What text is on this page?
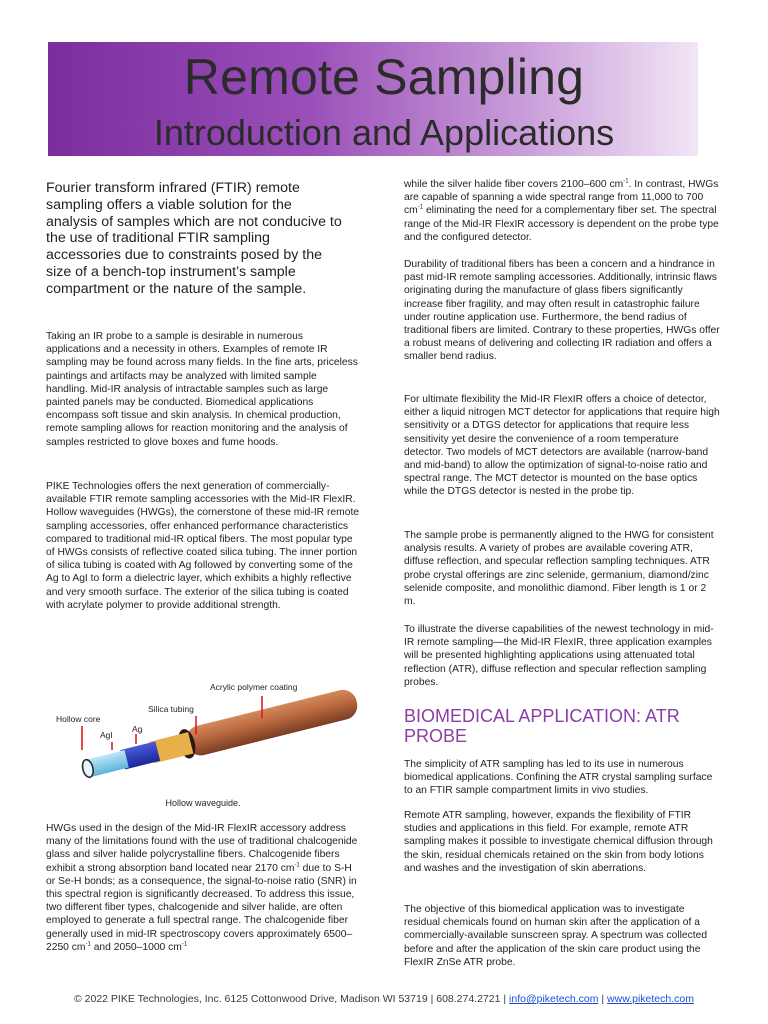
Remote Sampling
Introduction and Applications

Fourier transform infrared (FTIR) remote sampling offers a viable solution for the analysis of samples which are not conducive to the use of traditional FTIR sampling accessories due to constraints posed by the size of a bench-top instrument’s sample compartment or the nature of the sample.

Taking an IR probe to a sample is desirable in numerous applications and a necessity in others. Examples of remote IR sampling may be found across many fields. In the fine arts, priceless paintings and artifacts may be analyzed with limited sample handling. Mid-IR analysis of intractable samples such as large painted panels may be conducted. Biomedical applications encompass soft tissue and skin analysis. In chemical production, remote sampling allows for reaction monitoring and the analysis of samples restricted to glove boxes and fume hoods.

PIKE Technologies offers the next generation of commercially-available FTIR remote sampling accessories with the Mid-IR FlexIR. Hollow waveguides (HWGs), the cornerstone of these mid-IR remote sampling accessories, offer enhanced performance characteristics compared to traditional mid-IR optical fibers. The most popular type of HWGs consists of reflective coated silica tubing. The inner portion of silica tubing is coated with Ag followed by converting some of the Ag to AgI to form a dielectric layer, which exhibits a highly reflective and very smooth surface. The exterior of the silica tubing is coated with acrylate polymer to provide additional strength.

Acrylic polymer coating
Silica tubing
Hollow core
Ag
AgI

Hollow waveguide.

HWGs used in the design of the Mid-IR FlexIR accessory address many of the limitations found with the use of traditional chalcogenide glass and silver halide polycrystalline fibers. Chalcogenide fibers exhibit a strong absorption band located near 2170 $cm^{-1}$ due to S-H or Se-H bonds; as a consequence, the signal-to-noise ratio (SNR) in this spectral region is significantly decreased. To address this issue, two different fiber types, chalcogenide and silver halide, are often employed to generate a full spectral range. The chalcogenide fiber generally used in mid-IR spectroscopy covers approximately 6500–2250 $cm^{-1}$ and 2050–1000 $cm^{-1}$

while the silver halide fiber covers 2100–600 $cm^{-1}$. In contrast, HWGs are capable of spanning a wide spectral range from 11,000 to 700 $cm^{-1}$ eliminating the need for a complementary fiber set. The spectral range of the Mid-IR FlexIR accessory is dependent on the probe type and the configured detector.

Durability of traditional fibers has been a concern and a hindrance in past mid-IR remote sampling accessories. Additionally, intrinsic flaws originating during the manufacture of glass fibers significantly increase fiber fragility, and may often result in catastrophic failure under routine application use. Furthermore, the bend radius of traditional fibers are limited. Contrary to these properties, HWGs offer a robust means of delivering and collecting IR radiation and offers a smaller bend radius.

For ultimate flexibility the Mid-IR FlexIR offers a choice of detector, either a liquid nitrogen MCT detector for applications that require high sensitivity or a DTGS detector for applications that require less sensitivity yet desire the convenience of a room temperature detector. Two models of MCT detectors are available (narrow-band and mid-band) to allow the optimization of signal-to-noise ratio and spectral range. The MCT detector is mounted on the base optics while the DTGS detector is nested in the probe tip.

The sample probe is permanently aligned to the HWG for consistent analysis results. A variety of probes are available covering ATR, diffuse reflection, and specular reflection sampling techniques. ATR probe crystal offerings are zinc selenide, germanium, diamond/zinc selenide composite, and monolithic diamond. Fiber length is 1 or 2 m.

To illustrate the diverse capabilities of the newest technology in mid-IR remote sampling—the Mid-IR FlexIR, three application examples will be presented highlighting applications using attenuated total reflection (ATR), diffuse reflection and specular reflection sampling probes.

BIOMEDICAL APPLICATION: ATR PROBE

The simplicity of ATR sampling has led to its use in numerous biomedical applications. Confining the ATR crystal sampling surface to an FTIR sample compartment limits in vivo studies.

Remote ATR sampling, however, expands the flexibility of FTIR studies and applications in this field. For example, remote ATR sampling makes it possible to investigate chemical diffusion through the skin, residual chemicals retained on the skin from body lotions and washes and the investigation of skin aberrations.

The objective of this biomedical application was to investigate residual chemicals found on human skin after the application of a commercially-available sunscreen spray. A spectrum was collected before and after the application of the skin care product using the FlexIR ZnSe ATR probe.

© 2022 PIKE Technologies, Inc. 6125 Cottonwood Drive, Madison WI 53719 | 608.274.2721 | info@piketech.com | www.piketech.com
